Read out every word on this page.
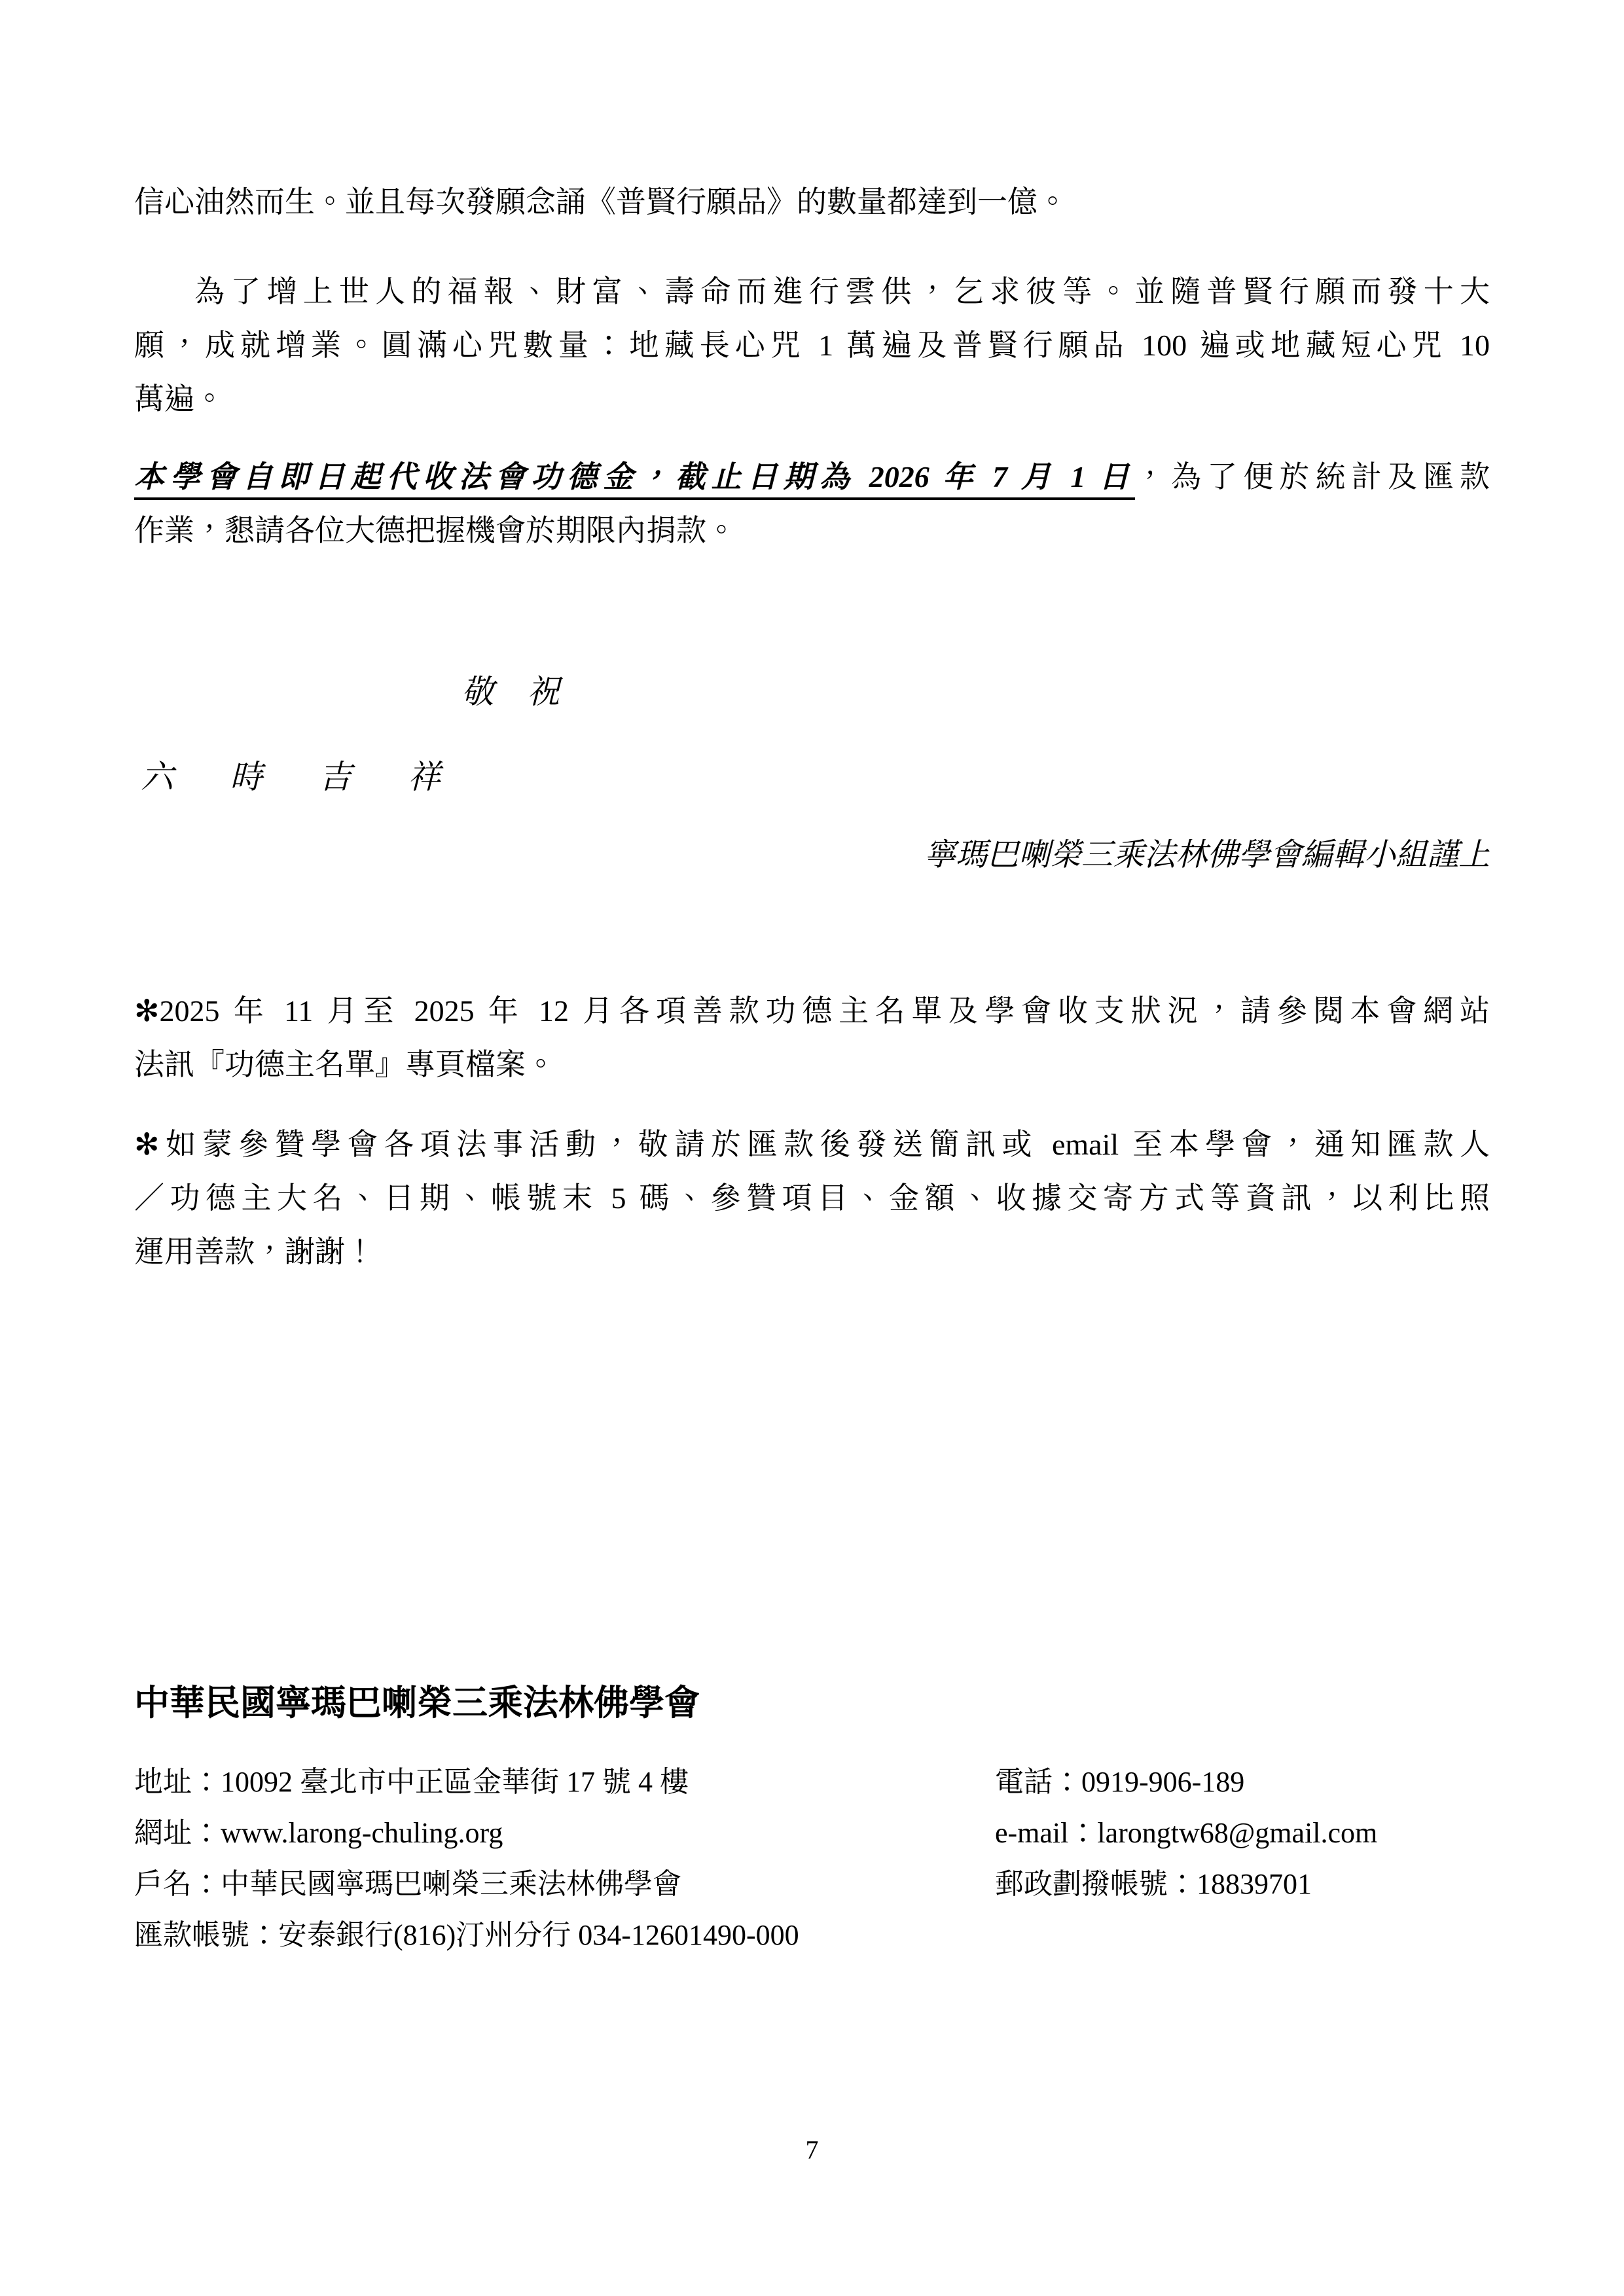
信心油然而生。並且每次發願念誦《普賢行願品》的數量都達到一億。
為了增上世人的福報、財富、壽命而進行雲供，乞求彼等。並隨普賢行願而發十大
願，成就增業。圓滿心咒數量：地藏長心咒 1 萬遍及普賢行願品 100 遍或地藏短心咒 10
萬遍。
本學會自即日起代收法會功德金，截止日期為 2026 年 7 月 1 日，為了便於統計及匯款
作業，懇請各位大德把握機會於期限內捐款。
敬　祝
六　時　吉　祥
寧瑪巴喇榮三乘法林佛學會編輯小組謹上
✻2025 年 11 月至 2025 年 12 月各項善款功德主名單及學會收支狀況，請參閱本會網站
法訊『功德主名單』專頁檔案。
✻如蒙參贊學會各項法事活動，敬請於匯款後發送簡訊或 email 至本學會，通知匯款人
／功德主大名、日期、帳號末 5 碼、參贊項目、金額、收據交寄方式等資訊，以利比照
運用善款，謝謝！
中華民國寧瑪巴喇榮三乘法林佛學會
地址：10092 臺北市中正區金華街 17 號 4 樓	電話：0919-906-189
網址：www.larong-chuling.org	e-mail：larongtw68@gmail.com
戶名：中華民國寧瑪巴喇榮三乘法林佛學會	郵政劃撥帳號：18839701
匯款帳號：安泰銀行(816)汀州分行 034-12601490-000
7
